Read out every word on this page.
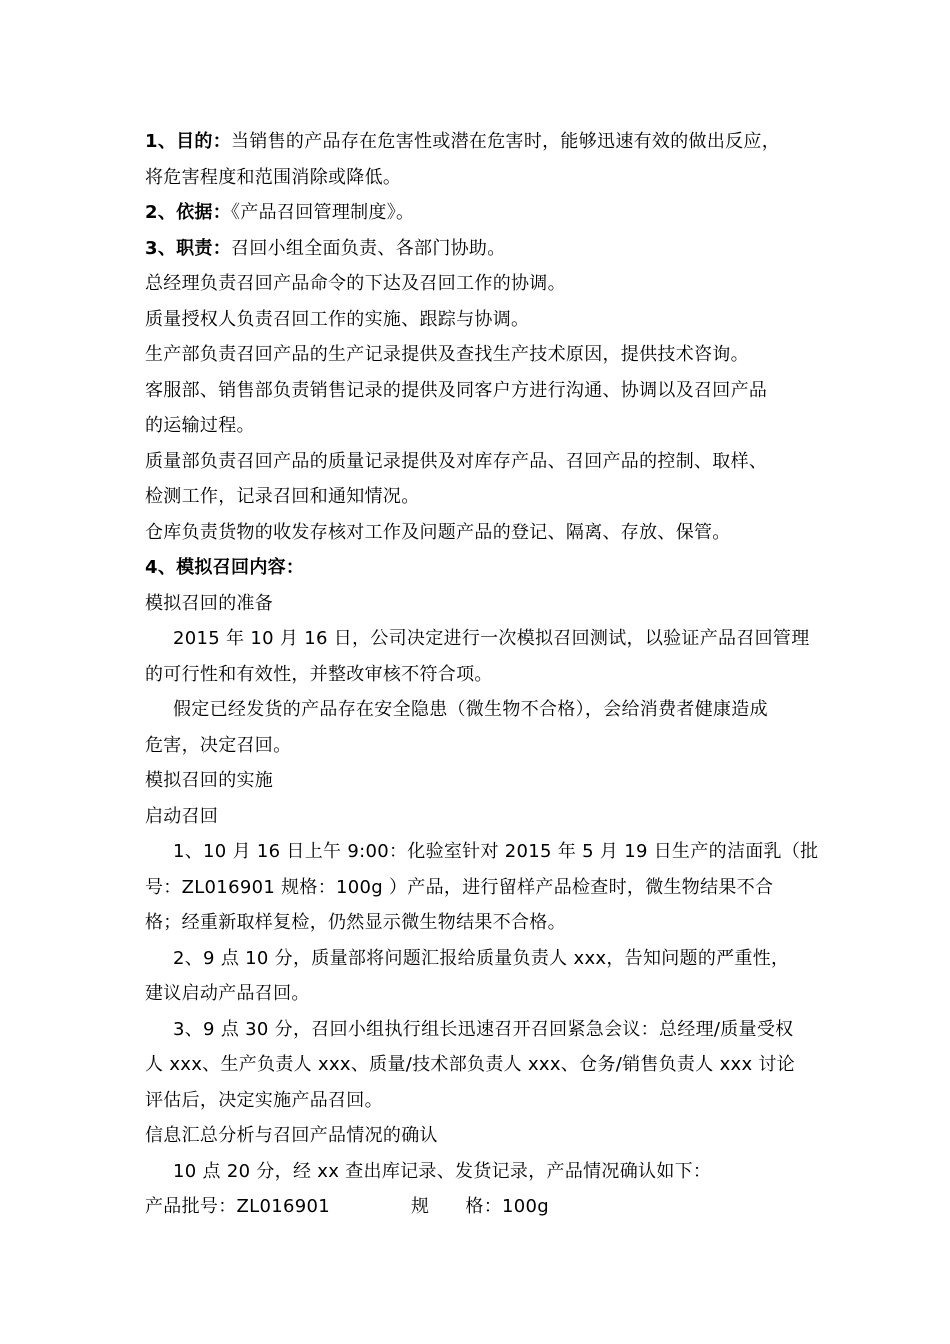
1、目的：当销售的产品存在危害性或潜在危害时，能够迅速有效的做出反应，
将危害程度和范围消除或降低。
2、依据：《产品召回管理制度》。
3、职责：召回小组全面负责、各部门协助。
总经理负责召回产品命令的下达及召回工作的协调。
质量授权人负责召回工作的实施、跟踪与协调。
生产部负责召回产品的生产记录提供及查找生产技术原因，提供技术咨询。
客服部、销售部负责销售记录的提供及同客户方进行沟通、协调以及召回产品
的运输过程。
质量部负责召回产品的质量记录提供及对库存产品、召回产品的控制、取样、
检测工作，记录召回和通知情况。
仓库负责货物的收发存核对工作及问题产品的登记、隔离、存放、保管。
4、模拟召回内容：
模拟召回的准备
2015 年 10 月 16 日，公司决定进行一次模拟召回测试，以验证产品召回管理
的可行性和有效性，并整改审核不符合项。
假定已经发货的产品存在安全隐患（微生物不合格），会给消费者健康造成
危害，决定召回。
模拟召回的实施
启动召回
1、10 月 16 日上午 9:00：化验室针对 2015 年 5 月 19 日生产的洁面乳（批
号：ZL016901 规格：100g ）产品，进行留样产品检查时，微生物结果不合
格；经重新取样复检，仍然显示微生物结果不合格。
2、9 点 10 分，质量部将问题汇报给质量负责人 xxx，告知问题的严重性，
建议启动产品召回。
3、9 点 30 分，召回小组执行组长迅速召开召回紧急会议：总经理/质量受权
人 xxx、生产负责人 xxx、质量/技术部负责人 xxx、仓务/销售负责人 xxx 讨论
评估后，决定实施产品召回。
信息汇总分析与召回产品情况的确认
10 点 20 分，经 xx 查出库记录、发货记录，产品情况确认如下：
产品批号：ZL016901	规      格：100g
